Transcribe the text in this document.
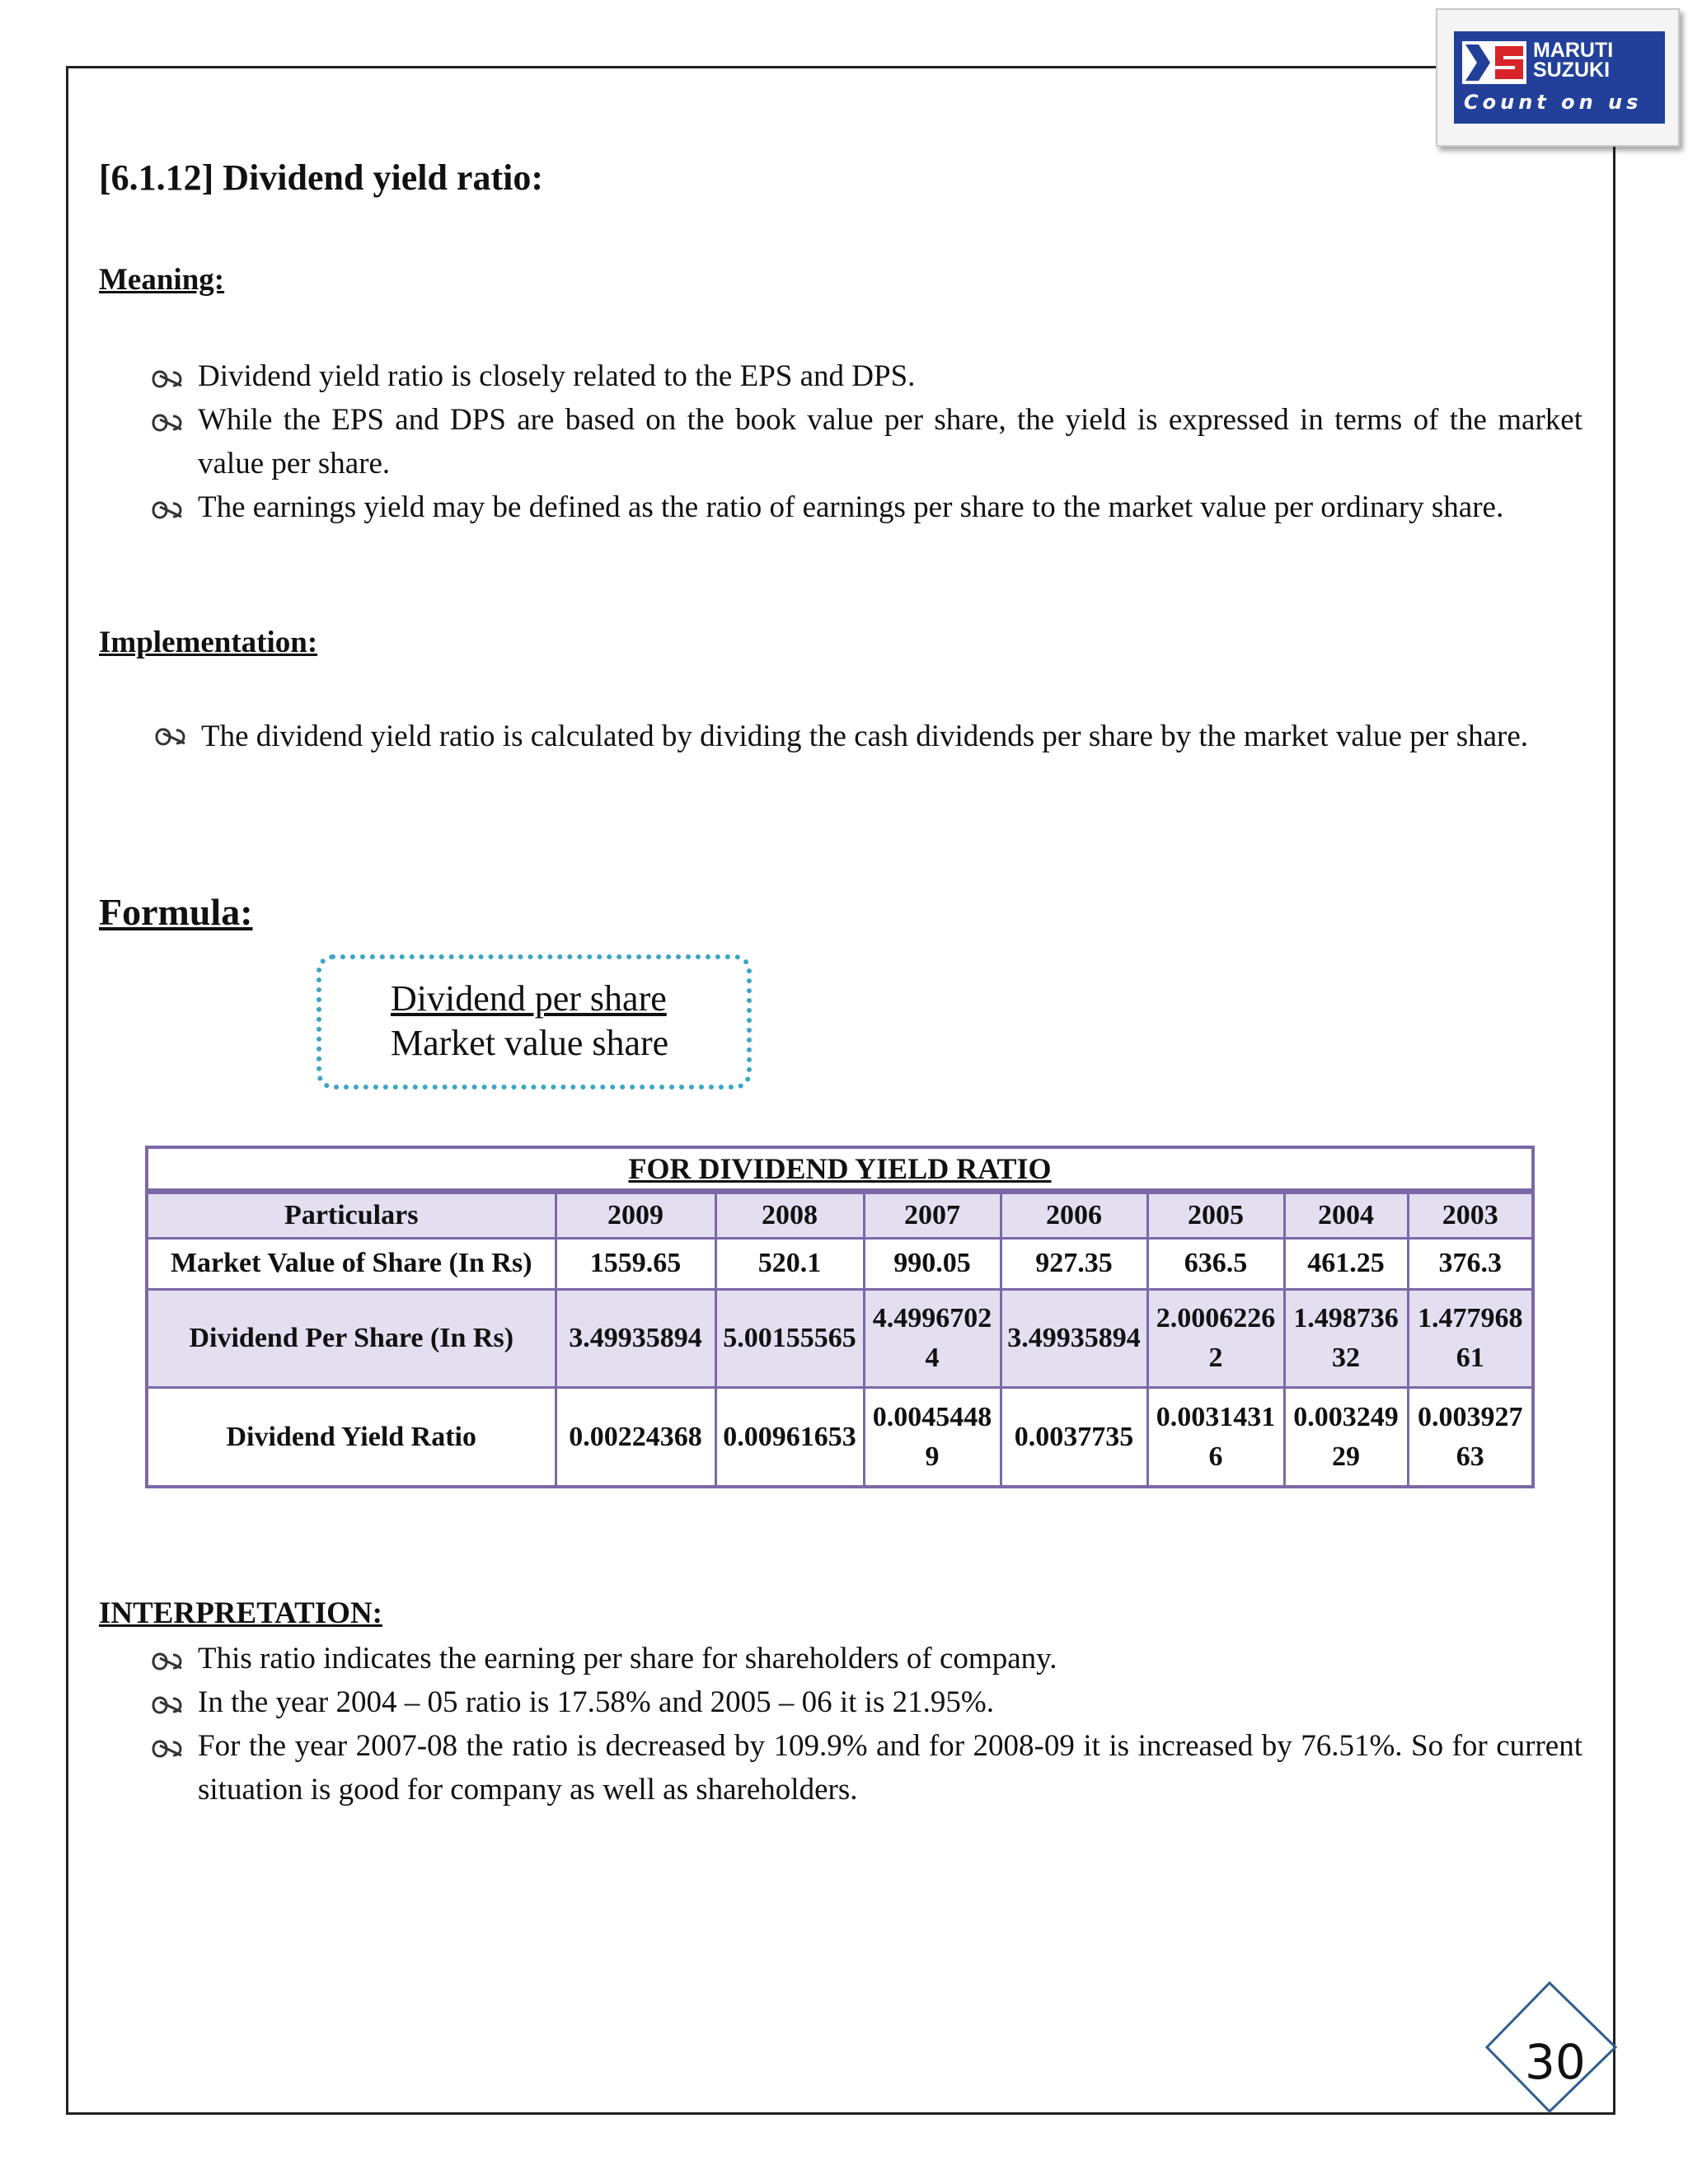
MARUTI
SUZUKI
Count on us
[6.1.12] Dividend yield ratio:
Meaning:
Dividend yield ratio is closely related to the EPS and DPS.
While the EPS and DPS are based on the book value per share, the yield is expressed in terms of the market value per share.
The earnings yield may be defined as the ratio of earnings per share to the market value per ordinary share.
Implementation:
The dividend yield ratio is calculated by dividing the cash dividends per share by the market value per share.
Formula:
Dividend per share
Market value share
FOR DIVIDEND YIELD RATIO							
Particulars	2009	2008	2007	2006	2005	2004	2003
Market Value of Share (In Rs)	1559.65	520.1	990.05	927.35	636.5	461.25	376.3
Dividend Per Share (In Rs)	3.49935894	5.00155565	4.49967024	3.49935894	2.00062262	1.49873632	1.47796861
Dividend Yield Ratio	0.00224368	0.00961653	0.00454489	0.0037735	0.00314316	0.00324929	0.00392763
INTERPRETATION:
This ratio indicates the earning per share for shareholders of company.
In the year 2004 – 05 ratio is 17.58% and 2005 – 06 it is 21.95%.
For the year 2007-08 the ratio is decreased by 109.9% and for 2008-09 it is increased by 76.51%. So for current situation is good for company as well as shareholders.
30
